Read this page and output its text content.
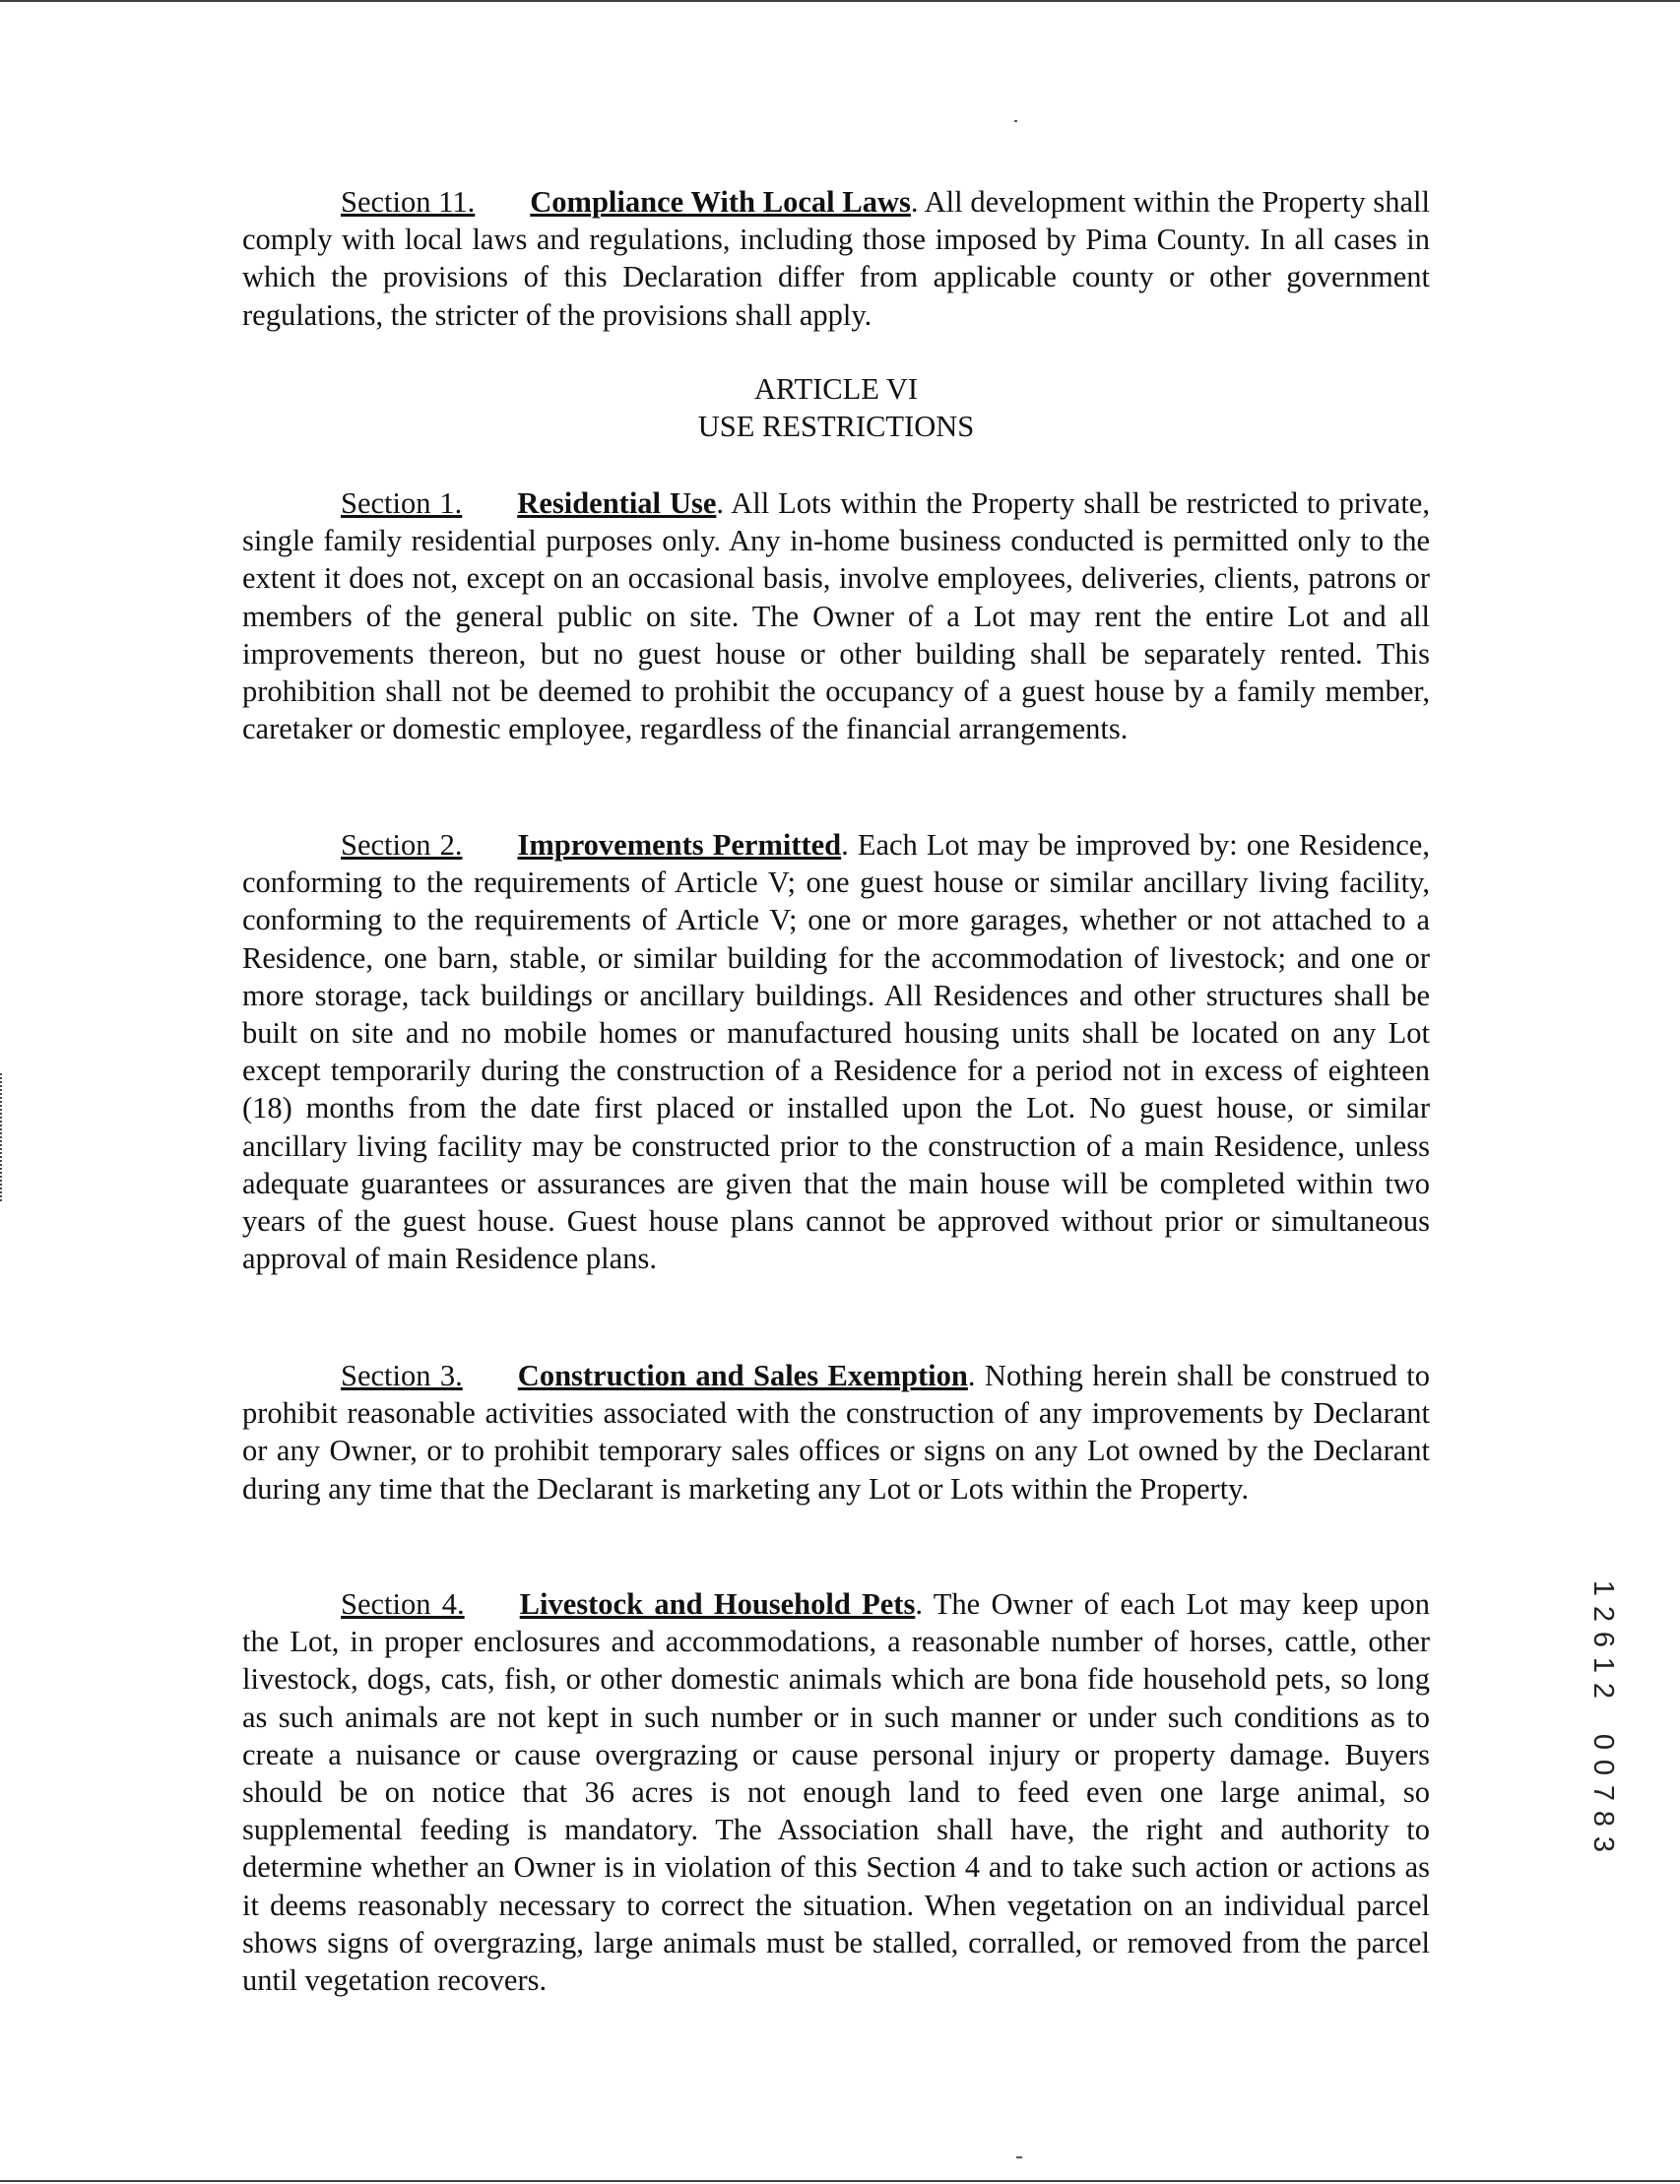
Section 11. Compliance With Local Laws. All development within the Property shall comply with local laws and regulations, including those imposed by Pima County. In all cases in which the provisions of this Declaration differ from applicable county or other government regulations, the stricter of the provisions shall apply.

ARTICLE VI
USE RESTRICTIONS

Section 1. Residential Use. All Lots within the Property shall be restricted to private, single family residential purposes only. Any in-home business conducted is permitted only to the extent it does not, except on an occasional basis, involve employees, deliveries, clients, patrons or members of the general public on site. The Owner of a Lot may rent the entire Lot and all improvements thereon, but no guest house or other building shall be separately rented. This prohibition shall not be deemed to prohibit the occupancy of a guest house by a family member, caretaker or domestic employee, regardless of the financial arrangements.

Section 2. Improvements Permitted. Each Lot may be improved by: one Residence, conforming to the requirements of Article V; one guest house or similar ancillary living facility, conforming to the requirements of Article V; one or more garages, whether or not attached to a Residence, one barn, stable, or similar building for the accommodation of livestock; and one or more storage, tack buildings or ancillary buildings. All Residences and other structures shall be built on site and no mobile homes or manufactured housing units shall be located on any Lot except temporarily during the construction of a Residence for a period not in excess of eighteen (18) months from the date first placed or installed upon the Lot. No guest house, or similar ancillary living facility may be constructed prior to the construction of a main Residence, unless adequate guarantees or assurances are given that the main house will be completed within two years of the guest house. Guest house plans cannot be approved without prior or simultaneous approval of main Residence plans.

Section 3. Construction and Sales Exemption. Nothing herein shall be construed to prohibit reasonable activities associated with the construction of any improvements by Declarant or any Owner, or to prohibit temporary sales offices or signs on any Lot owned by the Declarant during any time that the Declarant is marketing any Lot or Lots within the Property.

Section 4. Livestock and Household Pets. The Owner of each Lot may keep upon the Lot, in proper enclosures and accommodations, a reasonable number of horses, cattle, other livestock, dogs, cats, fish, or other domestic animals which are bona fide household pets, so long as such animals are not kept in such number or in such manner or under such conditions as to create a nuisance or cause overgrazing or cause personal injury or property damage. Buyers should be on notice that 36 acres is not enough land to feed even one large animal, so supplemental feeding is mandatory. The Association shall have, the right and authority to determine whether an Owner is in violation of this Section 4 and to take such action or actions as it deems reasonably necessary to correct the situation. When vegetation on an individual parcel shows signs of overgrazing, large animals must be stalled, corralled, or removed from the parcel until vegetation recovers.

1
2
6
1
2
0
0
7
8
3
